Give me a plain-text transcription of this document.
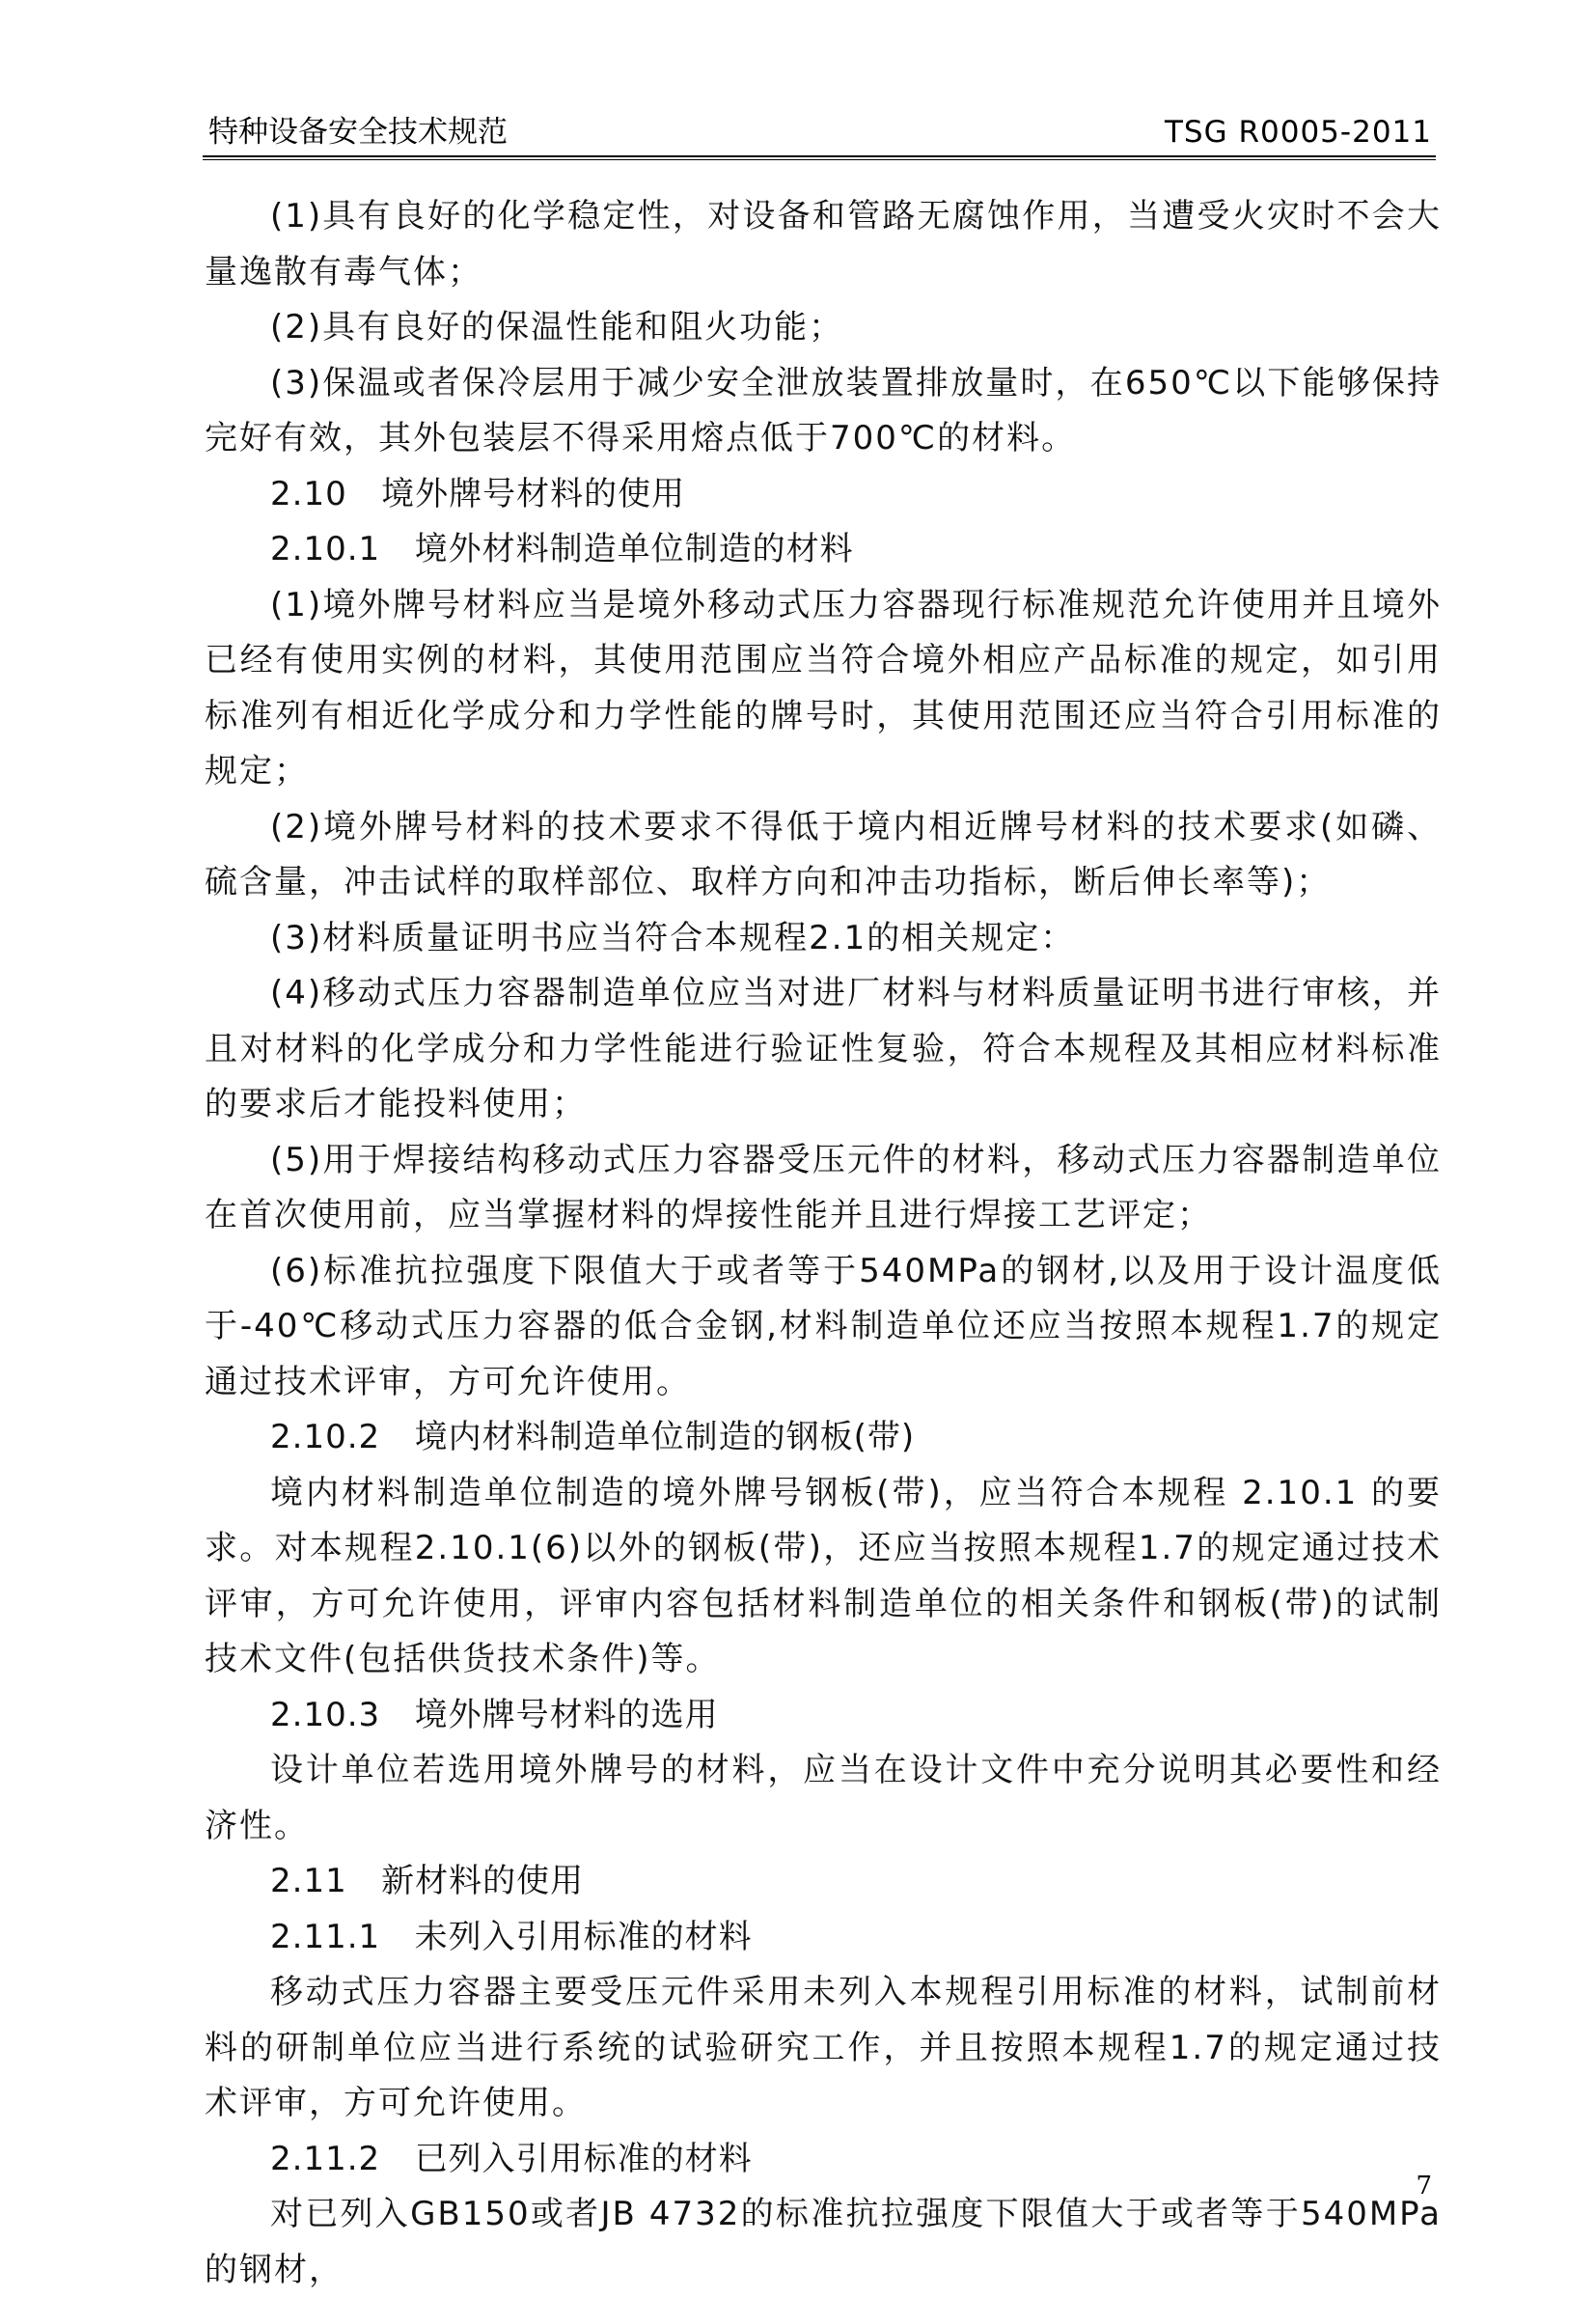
特种设备安全技术规范	TSG R0005-2011

(1)具有良好的化学稳定性，对设备和管路无腐蚀作用，当遭受火灾时不会大量逸散有毒气体；

(2)具有良好的保温性能和阻火功能；

(3)保温或者保冷层用于减少安全泄放装置排放量时，在650℃以下能够保持完好有效，其外包装层不得采用熔点低于700℃的材料。

2.10   境外牌号材料的使用

2.10.1   境外材料制造单位制造的材料

(1)境外牌号材料应当是境外移动式压力容器现行标准规范允许使用并且境外已经有使用实例的材料，其使用范围应当符合境外相应产品标准的规定，如引用标准列有相近化学成分和力学性能的牌号时，其使用范围还应当符合引用标准的规定；

(2)境外牌号材料的技术要求不得低于境内相近牌号材料的技术要求(如磷、硫含量，冲击试样的取样部位、取样方向和冲击功指标，断后伸长率等)；

(3)材料质量证明书应当符合本规程2.1的相关规定：

(4)移动式压力容器制造单位应当对进厂材料与材料质量证明书进行审核，并且对材料的化学成分和力学性能进行验证性复验，符合本规程及其相应材料标准的要求后才能投料使用；

(5)用于焊接结构移动式压力容器受压元件的材料，移动式压力容器制造单位在首次使用前，应当掌握材料的焊接性能并且进行焊接工艺评定；

(6)标准抗拉强度下限值大于或者等于540MPa的钢材,以及用于设计温度低于-40℃移动式压力容器的低合金钢,材料制造单位还应当按照本规程1.7的规定通过技术评审，方可允许使用。

2.10.2   境内材料制造单位制造的钢板(带)

境内材料制造单位制造的境外牌号钢板(带)，应当符合本规程 2.10.1 的要求。对本规程2.10.1(6)以外的钢板(带)，还应当按照本规程1.7的规定通过技术评审，方可允许使用，评审内容包括材料制造单位的相关条件和钢板(带)的试制技术文件(包括供货技术条件)等。

2.10.3   境外牌号材料的选用

设计单位若选用境外牌号的材料，应当在设计文件中充分说明其必要性和经济性。

2.11   新材料的使用

2.11.1   未列入引用标准的材料

移动式压力容器主要受压元件采用未列入本规程引用标准的材料，试制前材料的研制单位应当进行系统的试验研究工作，并且按照本规程1.7的规定通过技术评审，方可允许使用。

2.11.2   已列入引用标准的材料

对已列入GB150或者JB 4732的标准抗拉强度下限值大于或者等于540MPa的钢材，

7
